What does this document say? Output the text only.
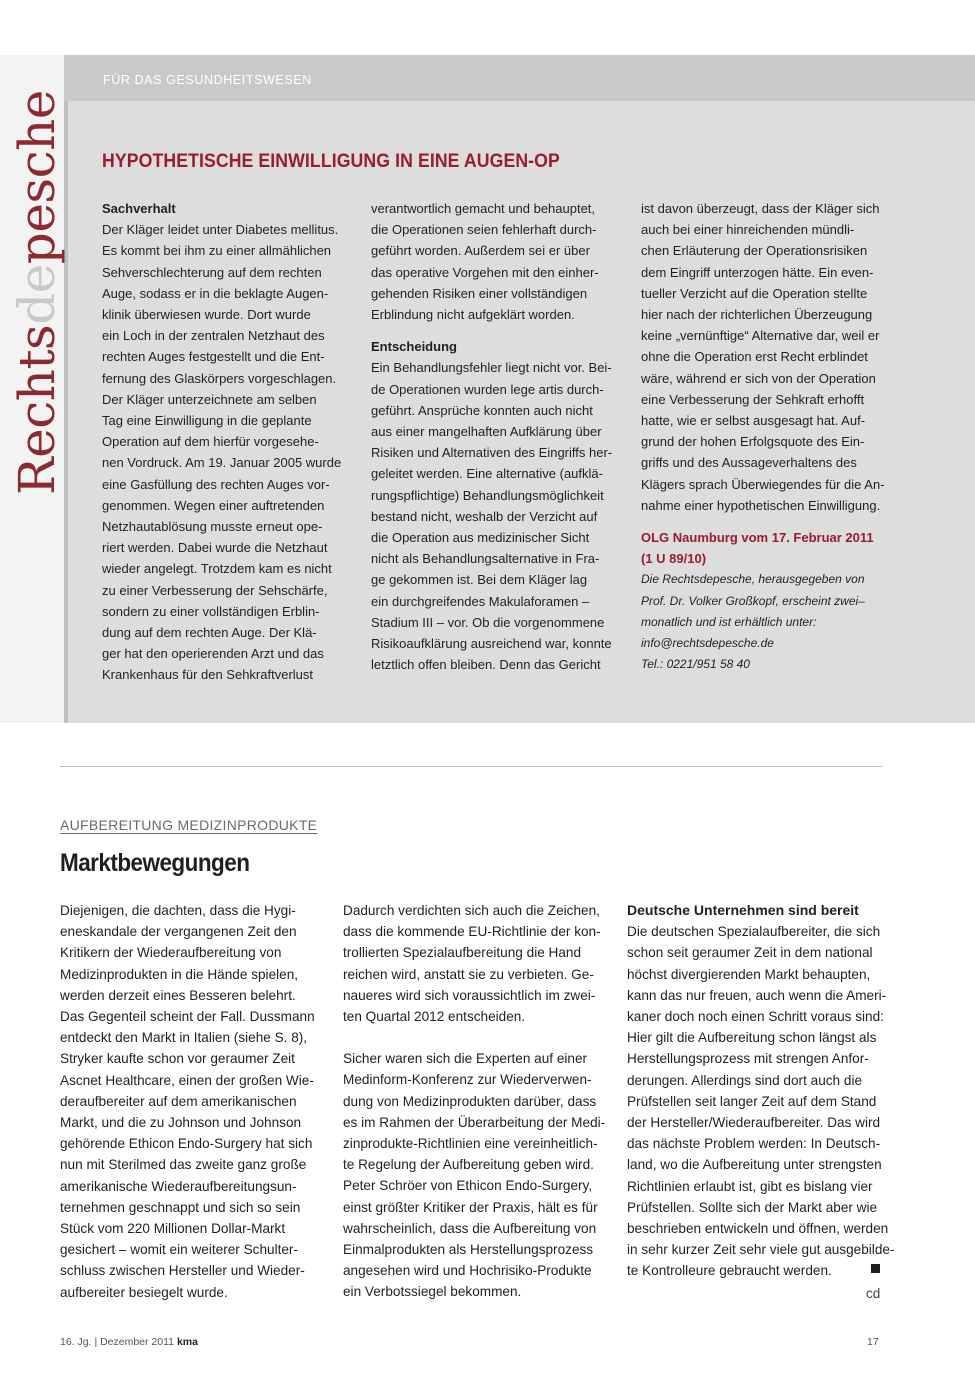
Rechtsdepesche
FÜR DAS GESUNDHEITSWESEN
HYPOTHETISCHE EINWILLIGUNG IN EINE AUGEN-OP
Sachverhalt
Der Kläger leidet unter Diabetes mellitus.
Es kommt bei ihm zu einer allmählichen
Sehverschlechterung auf dem rechten
Auge, sodass er in die beklagte Augen-
klinik überwiesen wurde. Dort wurde
ein Loch in der zentralen Netzhaut des
rechten Auges festgestellt und die Ent-
fernung des Glaskörpers vorgeschlagen.
Der Kläger unterzeichnete am selben
Tag eine Einwilligung in die geplante
Operation auf dem hierfür vorgesehe-
nen Vordruck. Am 19. Januar 2005 wurde
eine Gasfüllung des rechten Auges vor-
genommen. Wegen einer auftretenden
Netzhautablösung musste erneut ope-
riert werden. Dabei wurde die Netzhaut
wieder angelegt. Trotzdem kam es nicht
zu einer Verbesserung der Sehschärfe,
sondern zu einer vollständigen Erblin-
dung auf dem rechten Auge. Der Klä-
ger hat den operierenden Arzt und das
Krankenhaus für den Sehkraftverlust
verantwortlich gemacht und behauptet,
die Operationen seien fehlerhaft durch-
geführt worden. Außerdem sei er über
das operative Vorgehen mit den einher-
gehenden Risiken einer vollständigen
Erblindung nicht aufgeklärt worden.
Entscheidung
Ein Behandlungsfehler liegt nicht vor. Bei-
de Operationen wurden lege artis durch-
geführt. Ansprüche konnten auch nicht
aus einer mangelhaften Aufklärung über
Risiken und Alternativen des Eingriffs her-
geleitet werden. Eine alternative (aufklä-
rungspflichtige) Behandlungsmöglichkeit
bestand nicht, weshalb der Verzicht auf
die Operation aus medizinischer Sicht
nicht als Behandlungsalternative in Fra-
ge gekommen ist. Bei dem Kläger lag
ein durchgreifendes Makulaforamen –
Stadium III – vor. Ob die vorgenommene
Risikoaufklärung ausreichend war, konnte
letztlich offen bleiben. Denn das Gericht
ist davon überzeugt, dass der Kläger sich
auch bei einer hinreichenden mündli-
chen Erläuterung der Operationsrisiken
dem Eingriff unterzogen hätte. Ein even-
tueller Verzicht auf die Operation stellte
hier nach der richterlichen Überzeugung
keine „vernünftige“ Alternative dar, weil er
ohne die Operation erst Recht erblindet
wäre, während er sich von der Operation
eine Verbesserung der Sehkraft erhofft
hatte, wie er selbst ausgesagt hat. Auf-
grund der hohen Erfolgsquote des Ein-
griffs und des Aussageverhaltens des
Klägers sprach Überwiegendes für die An-
nahme einer hypothetischen Einwilligung.
OLG Naumburg vom 17. Februar 2011
(1 U 89/10)
Die Rechtsdepesche, herausgegeben von
Prof. Dr. Volker Großkopf, erscheint zwei–
monatlich und ist erhältlich unter:
info@rechtsdepesche.de
Tel.: 0221/951 58 40
AUFBEREITUNG MEDIZINPRODUKTE
Marktbewegungen
Diejenigen, die dachten, dass die Hygi-
eneskandale der vergangenen Zeit den
Kritikern der Wiederaufbereitung von
Medizinprodukten in die Hände spielen,
werden derzeit eines Besseren belehrt.
Das Gegenteil scheint der Fall. Dussmann
entdeckt den Markt in Italien (siehe S. 8),
Stryker kaufte schon vor geraumer Zeit
Ascnet Healthcare, einen der großen Wie-
deraufbereiter auf dem amerikanischen
Markt, und die zu Johnson und Johnson
gehörende Ethicon Endo-Surgery hat sich
nun mit Sterilmed das zweite ganz große
amerikanische Wiederaufbereitungsun-
ternehmen geschnappt und sich so sein
Stück vom 220 Millionen Dollar-Markt
gesichert – womit ein weiterer Schulter-
schluss zwischen Hersteller und Wieder-
aufbereiter besiegelt wurde.
Dadurch verdichten sich auch die Zeichen,
dass die kommende EU-Richtlinie der kon-
trollierten Spezialaufbereitung die Hand
reichen wird, anstatt sie zu verbieten. Ge-
naueres wird sich voraussichtlich im zwei-
ten Quartal 2012 entscheiden.
Sicher waren sich die Experten auf einer
Medinform-Konferenz zur Wiederverwen-
dung von Medizinprodukten darüber, dass
es im Rahmen der Überarbeitung der Medi-
zinprodukte-Richtlinien eine vereinheitlich-
te Regelung der Aufbereitung geben wird.
Peter Schröer von Ethicon Endo-Surgery,
einst größter Kritiker der Praxis, hält es für
wahrscheinlich, dass die Aufbereitung von
Einmalprodukten als Herstellungsprozess
angesehen wird und Hochrisiko-Produkte
ein Verbotssiegel bekommen.
Deutsche Unternehmen sind bereit
Die deutschen Spezialaufbereiter, die sich
schon seit geraumer Zeit in dem national
höchst divergierenden Markt behaupten,
kann das nur freuen, auch wenn die Ameri-
kaner doch noch einen Schritt voraus sind:
Hier gilt die Aufbereitung schon längst als
Herstellungsprozess mit strengen Anfor-
derungen. Allerdings sind dort auch die
Prüfstellen seit langer Zeit auf dem Stand
der Hersteller/Wiederaufbereiter. Das wird
das nächste Problem werden: In Deutsch-
land, wo die Aufbereitung unter strengsten
Richtlinien erlaubt ist, gibt es bislang vier
Prüfstellen. Sollte sich der Markt aber wie
beschrieben entwickeln und öffnen, werden
in sehr kurzer Zeit sehr viele gut ausgebilde-
te Kontrolleure gebraucht werden.
cd
16. Jg. | Dezember 2011 kma	17
